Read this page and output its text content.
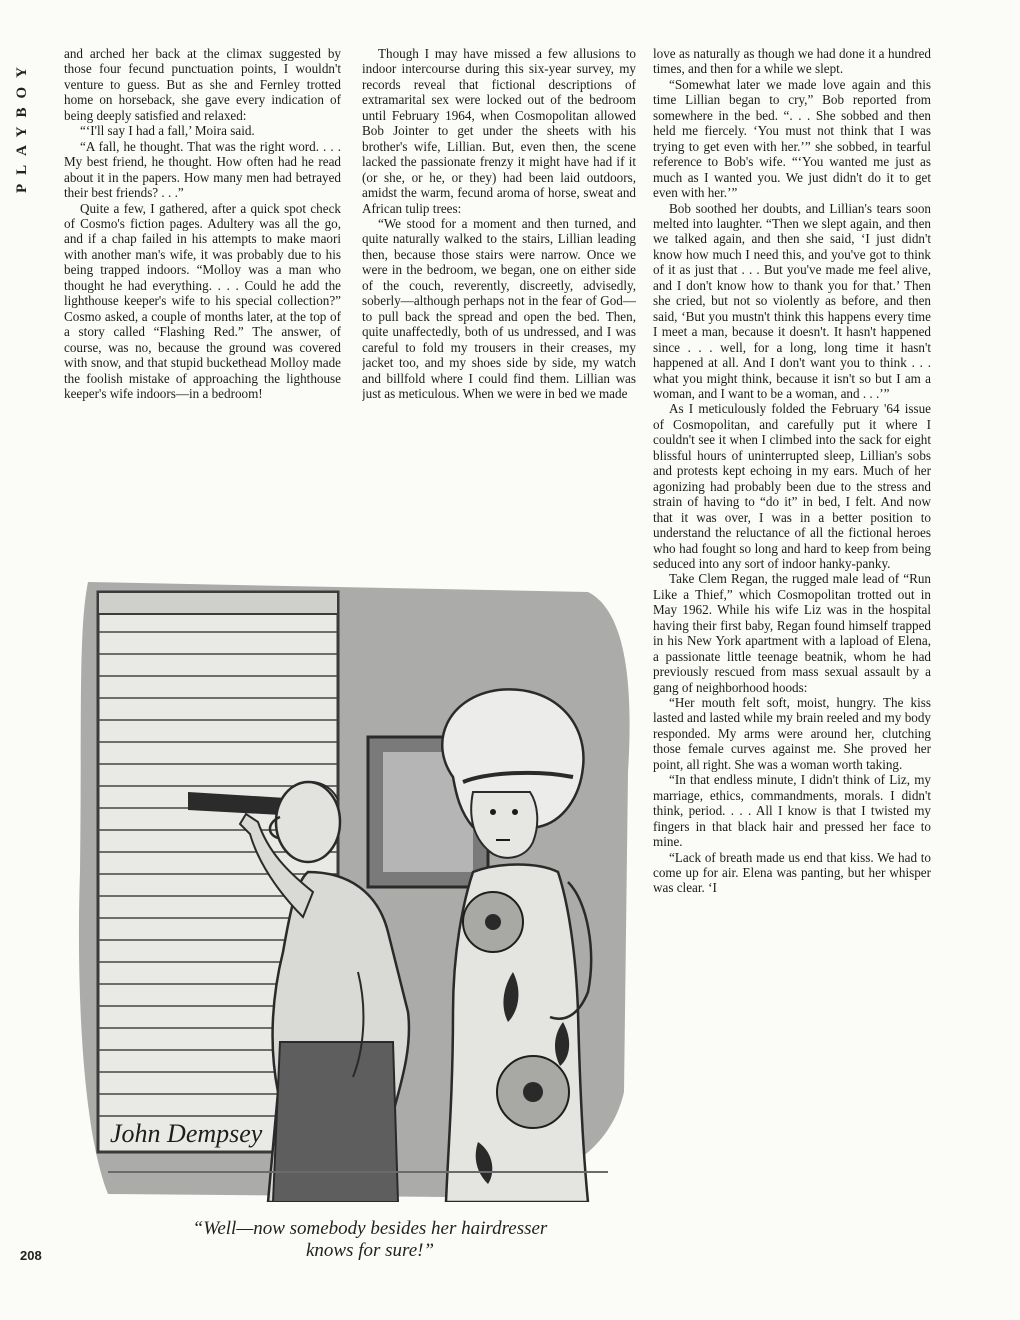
PLAYBOY

and arched her back at the climax suggested by those four fecund punctuation points, I wouldn't venture to guess. But as she and Fernley trotted home on horseback, she gave every indication of being deeply satisfied and relaxed:

“‘I'll say I had a fall,’ Moira said.

“A fall, he thought. That was the right word. . . . My best friend, he thought. How often had he read about it in the papers. How many men had betrayed their best friends? . . .”

Quite a few, I gathered, after a quick spot check of Cosmo's fiction pages. Adultery was all the go, and if a chap failed in his attempts to make maori with another man's wife, it was probably due to his being trapped indoors. “Molloy was a man who thought he had everything. . . . Could he add the lighthouse keeper's wife to his special collection?” Cosmo asked, a couple of months later, at the top of a story called “Flashing Red.” The answer, of course, was no, because the ground was covered with snow, and that stupid buckethead Molloy made the foolish mistake of approaching the lighthouse keeper's wife indoors—in a bedroom!

Though I may have missed a few allusions to indoor intercourse during this six-year survey, my records reveal that fictional descriptions of extramarital sex were locked out of the bedroom until February 1964, when Cosmopolitan allowed Bob Jointer to get under the sheets with his brother's wife, Lillian. But, even then, the scene lacked the passionate frenzy it might have had if it (or she, or he, or they) had been laid outdoors, amidst the warm, fecund aroma of horse, sweat and African tulip trees:

“We stood for a moment and then turned, and quite naturally walked to the stairs, Lillian leading then, because those stairs were narrow. Once we were in the bedroom, we began, one on either side of the couch, reverently, discreetly, advisedly, soberly—although perhaps not in the fear of God—to pull back the spread and open the bed. Then, quite unaffectedly, both of us undressed, and I was careful to fold my trousers in their creases, my jacket too, and my shoes side by side, my watch and billfold where I could find them. Lillian was just as meticulous. When we were in bed we made

love as naturally as though we had done it a hundred times, and then for a while we slept.

“Somewhat later we made love again and this time Lillian began to cry,” Bob reported from somewhere in the bed. “. . . She sobbed and then held me fiercely. ‘You must not think that I was trying to get even with her.’” she sobbed, in tearful reference to Bob's wife. “‘You wanted me just as much as I wanted you. We just didn't do it to get even with her.’”

Bob soothed her doubts, and Lillian's tears soon melted into laughter. “Then we slept again, and then we talked again, and then she said, ‘I just didn't know how much I need this, and you've got to think of it as just that . . . But you've made me feel alive, and I don't know how to thank you for that.’ Then she cried, but not so violently as before, and then said, ‘But you mustn't think this happens every time I meet a man, because it doesn't. It hasn't happened since . . . well, for a long, long time it hasn't happened at all. And I don't want you to think . . . what you might think, because it isn't so but I am a woman, and I want to be a woman, and . . .’”

As I meticulously folded the February '64 issue of Cosmopolitan, and carefully put it where I couldn't see it when I climbed into the sack for eight blissful hours of uninterrupted sleep, Lillian's sobs and protests kept echoing in my ears. Much of her agonizing had probably been due to the stress and strain of having to “do it” in bed, I felt. And now that it was over, I was in a better position to understand the reluctance of all the fictional heroes who had fought so long and hard to keep from being seduced into any sort of indoor hanky-panky.

Take Clem Regan, the rugged male lead of “Run Like a Thief,” which Cosmopolitan trotted out in May 1962. While his wife Liz was in the hospital having their first baby, Regan found himself trapped in his New York apartment with a lapload of Elena, a passionate little teenage beatnik, whom he had previously rescued from mass sexual assault by a gang of neighborhood hoods:

“Her mouth felt soft, moist, hungry. The kiss lasted and lasted while my brain reeled and my body responded. My arms were around her, clutching those female curves against me. She proved her point, all right. She was a woman worth taking.

“In that endless minute, I didn't think of Liz, my marriage, ethics, commandments, morals. I didn't think, period. . . . All I know is that I twisted my fingers in that black hair and pressed her face to mine.

“Lack of breath made us end that kiss. We had to come up for air. Elena was panting, but her whisper was clear. ‘I

John Dempsey
“Well—now somebody besides her hairdresser knows for sure!”
208
